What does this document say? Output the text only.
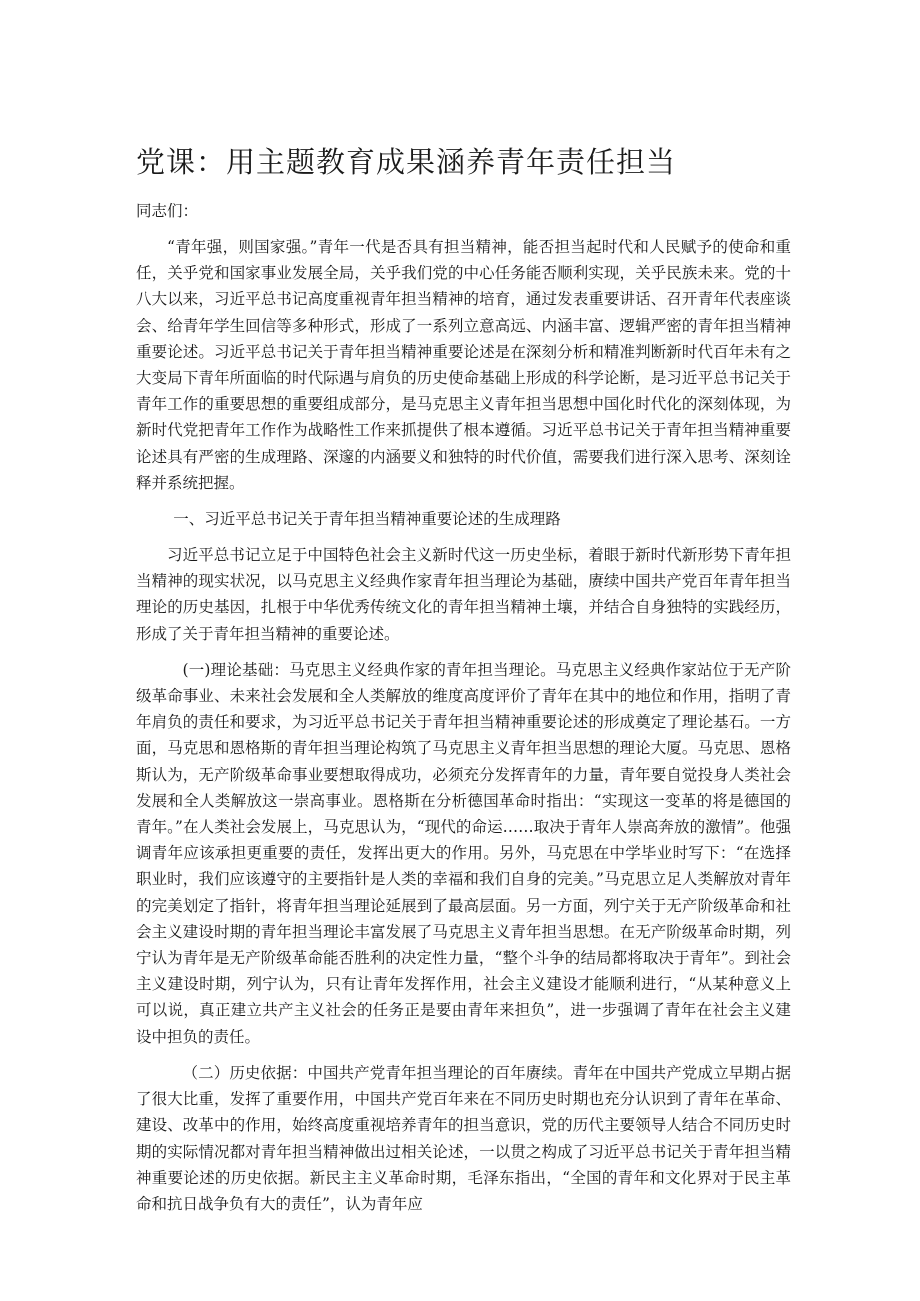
党课：用主题教育成果涵养青年责任担当

同志们：

“青年强，则国家强。”青年一代是否具有担当精神，能否担当起时代和人民赋予的使命和重任，关乎党和国家事业发展全局，关乎我们党的中心任务能否顺利实现，关乎民族未来。党的十八大以来，习近平总书记高度重视青年担当精神的培育，通过发表重要讲话、召开青年代表座谈会、给青年学生回信等多种形式，形成了一系列立意高远、内涵丰富、逻辑严密的青年担当精神重要论述。习近平总书记关于青年担当精神重要论述是在深刻分析和精准判断新时代百年未有之大变局下青年所面临的时代际遇与肩负的历史使命基础上形成的科学论断，是习近平总书记关于青年工作的重要思想的重要组成部分，是马克思主义青年担当思想中国化时代化的深刻体现，为新时代党把青年工作作为战略性工作来抓提供了根本遵循。习近平总书记关于青年担当精神重要论述具有严密的生成理路、深邃的内涵要义和独特的时代价值，需要我们进行深入思考、深刻诠释并系统把握。

一、习近平总书记关于青年担当精神重要论述的生成理路

习近平总书记立足于中国特色社会主义新时代这一历史坐标，着眼于新时代新形势下青年担当精神的现实状况，以马克思主义经典作家青年担当理论为基础，赓续中国共产党百年青年担当理论的历史基因，扎根于中华优秀传统文化的青年担当精神土壤，并结合自身独特的实践经历，形成了关于青年担当精神的重要论述。

(一)理论基础：马克思主义经典作家的青年担当理论。马克思主义经典作家站位于无产阶级革命事业、未来社会发展和全人类解放的维度高度评价了青年在其中的地位和作用，指明了青年肩负的责任和要求，为习近平总书记关于青年担当精神重要论述的形成奠定了理论基石。一方面，马克思和恩格斯的青年担当理论构筑了马克思主义青年担当思想的理论大厦。马克思、恩格斯认为，无产阶级革命事业要想取得成功，必须充分发挥青年的力量，青年要自觉投身人类社会发展和全人类解放这一崇高事业。恩格斯在分析德国革命时指出：“实现这一变革的将是德国的青年。”在人类社会发展上，马克思认为，“现代的命运……取决于青年人崇高奔放的激情”。他强调青年应该承担更重要的责任，发挥出更大的作用。另外，马克思在中学毕业时写下：“在选择职业时，我们应该遵守的主要指针是人类的幸福和我们自身的完美。”马克思立足人类解放对青年的完美划定了指针，将青年担当理论延展到了最高层面。另一方面，列宁关于无产阶级革命和社会主义建设时期的青年担当理论丰富发展了马克思主义青年担当思想。在无产阶级革命时期，列宁认为青年是无产阶级革命能否胜利的决定性力量，“整个斗争的结局都将取决于青年”。到社会主义建设时期，列宁认为，只有让青年发挥作用，社会主义建设才能顺利进行，“从某种意义上可以说，真正建立共产主义社会的任务正是要由青年来担负”，进一步强调了青年在社会主义建设中担负的责任。

（二）历史依据：中国共产党青年担当理论的百年赓续。青年在中国共产党成立早期占据了很大比重，发挥了重要作用，中国共产党百年来在不同历史时期也充分认识到了青年在革命、建设、改革中的作用，始终高度重视培养青年的担当意识，党的历代主要领导人结合不同历史时期的实际情况都对青年担当精神做出过相关论述，一以贯之构成了习近平总书记关于青年担当精神重要论述的历史依据。新民主主义革命时期，毛泽东指出，“全国的青年和文化界对于民主革命和抗日战争负有大的责任”，认为青年应
